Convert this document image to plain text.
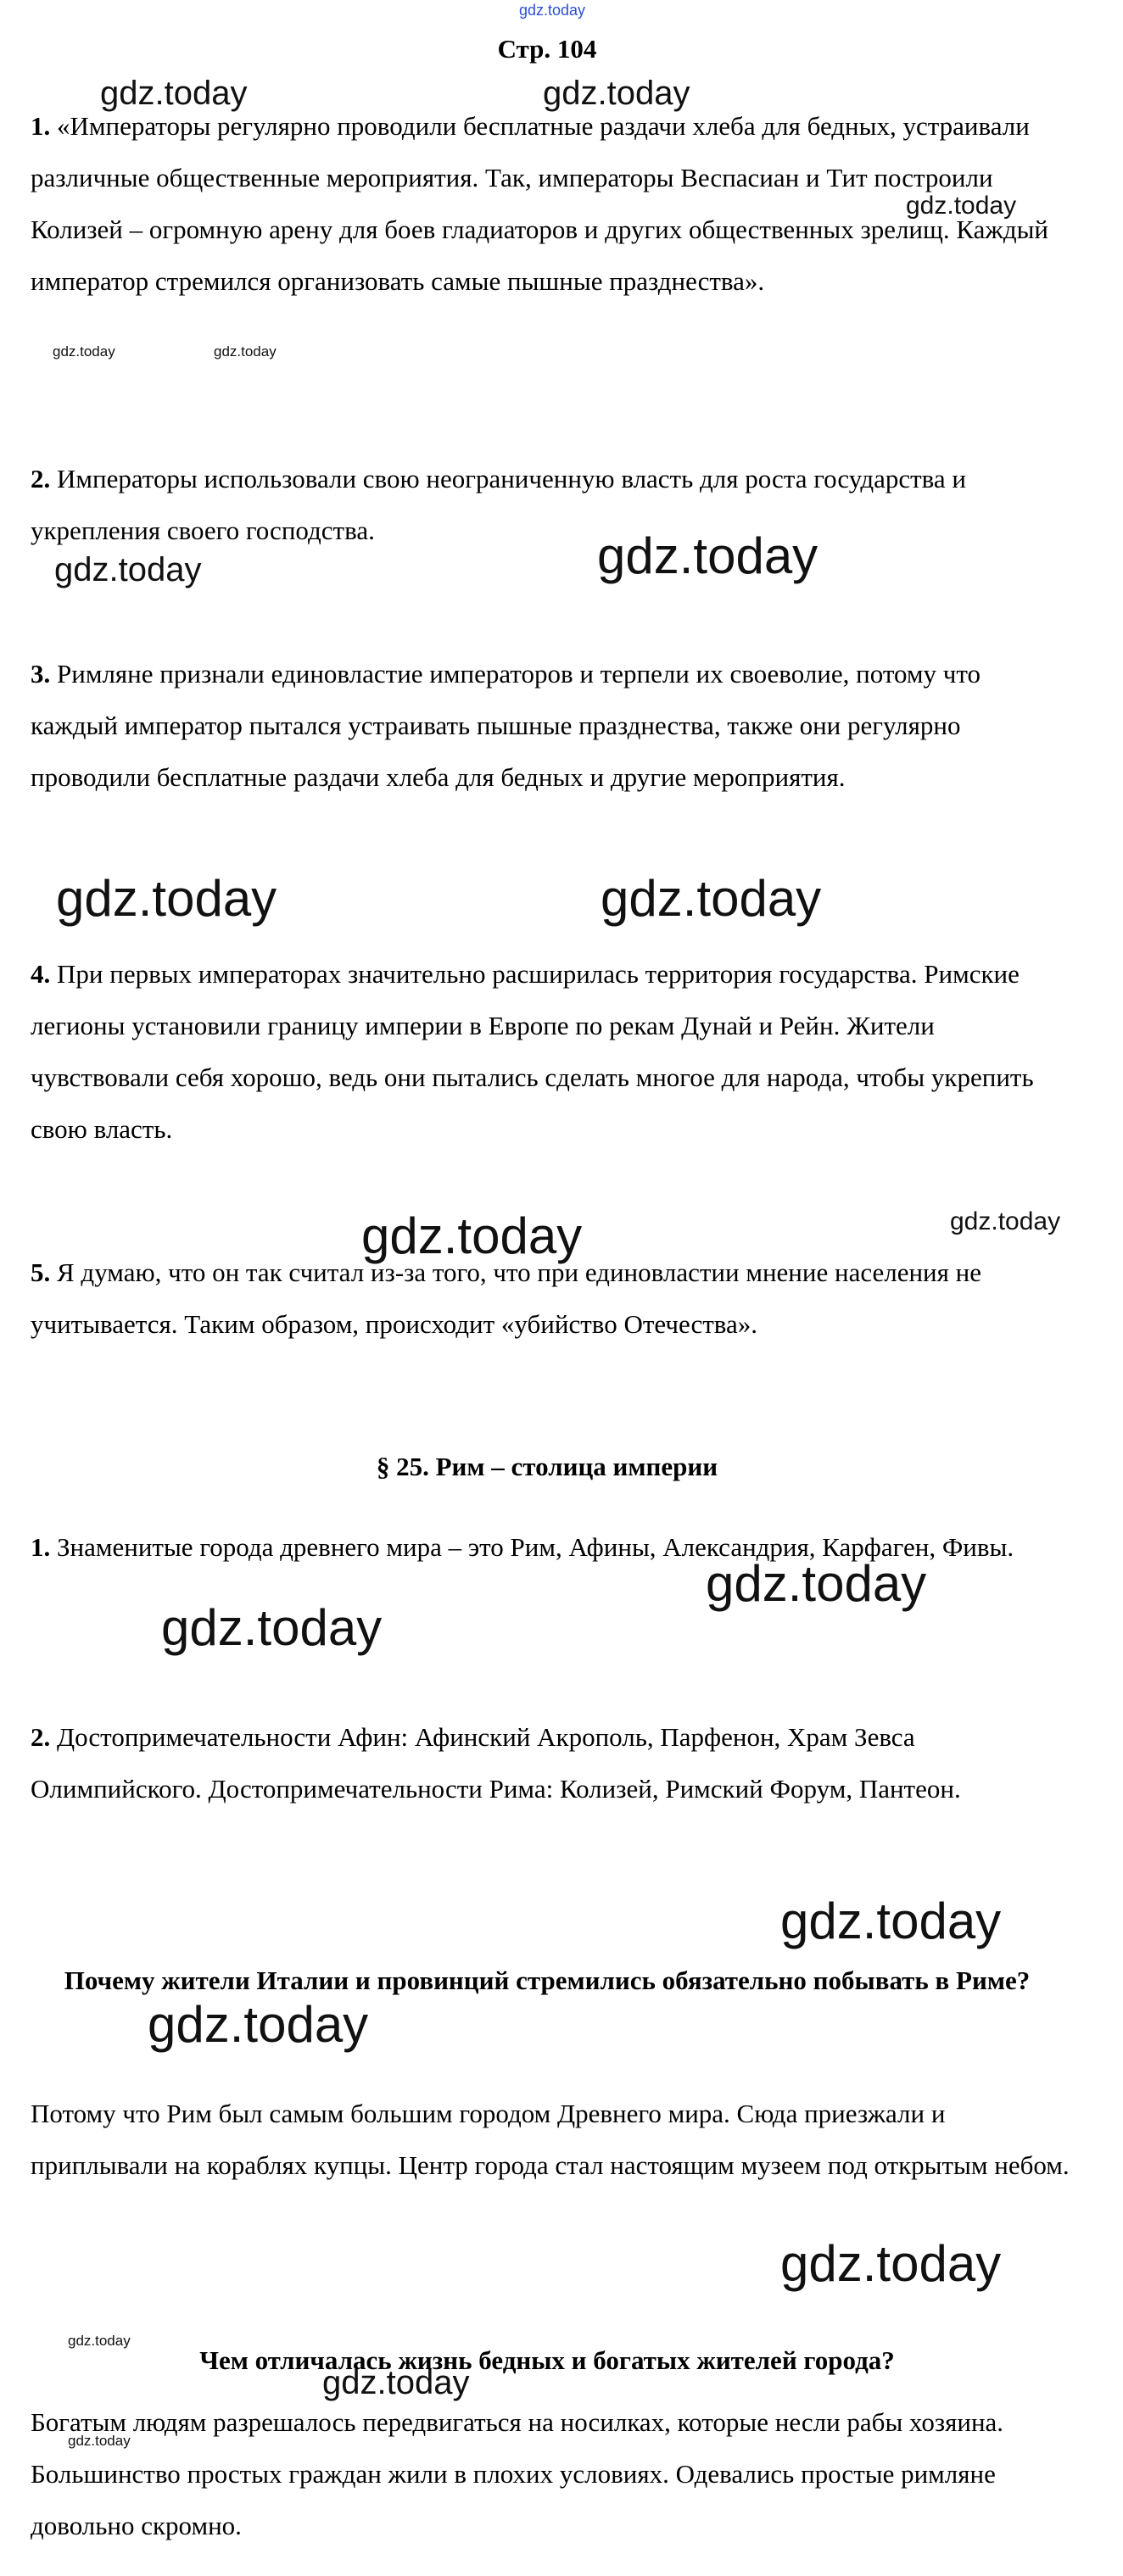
gdz.today
Стр. 104
1. «Императоры регулярно проводили бесплатные раздачи хлеба для бедных, устраивали различные общественные мероприятия. Так, императоры Веспасиан и Тит построили Колизей – огромную арену для боев гладиаторов и других общественных зрелищ. Каждый император стремился организовать самые пышные празднества».
2. Императоры использовали свою неограниченную власть для роста государства и укрепления своего господства.
3. Римляне признали единовластие императоров и терпели их своеволие, потому что каждый император пытался устраивать пышные празднества, также они регулярно проводили бесплатные раздачи хлеба для бедных и другие мероприятия.
4. При первых императорах значительно расширилась территория государства. Римские легионы установили границу империи в Европе по рекам Дунай и Рейн. Жители чувствовали себя хорошо, ведь они пытались сделать многое для народа, чтобы укрепить свою власть.
5. Я думаю, что он так считал из-за того, что при единовластии мнение населения не учитывается. Таким образом, происходит «убийство Отечества».
§ 25. Рим – столица империи
1. Знаменитые города древнего мира – это Рим, Афины, Александрия, Карфаген, Фивы.
2. Достопримечательности Афин: Афинский Акрополь, Парфенон, Храм Зевса Олимпийского. Достопримечательности Рима: Колизей, Римский Форум, Пантеон.
Почему жители Италии и провинций стремились обязательно побывать в Риме?
Потому что Рим был самым большим городом Древнего мира. Сюда приезжали и приплывали на кораблях купцы. Центр города стал настоящим музеем под открытым небом.
Чем отличалась жизнь бедных и богатых жителей города?
Богатым людям разрешалось передвигаться на носилках, которые несли рабы хозяина. Большинство простых граждан жили в плохих условиях. Одевались простые римляне довольно скромно.
gdz.today	gdz.today
gdz.today
gdz.today	gdz.today
gdz.today	gdz.today
gdz.today	gdz.today
gdz.today	gdz.today
gdz.today
gdz.today
gdz.today
gdz.today
gdz.today
gdz.today
gdz.today
gdz.today
